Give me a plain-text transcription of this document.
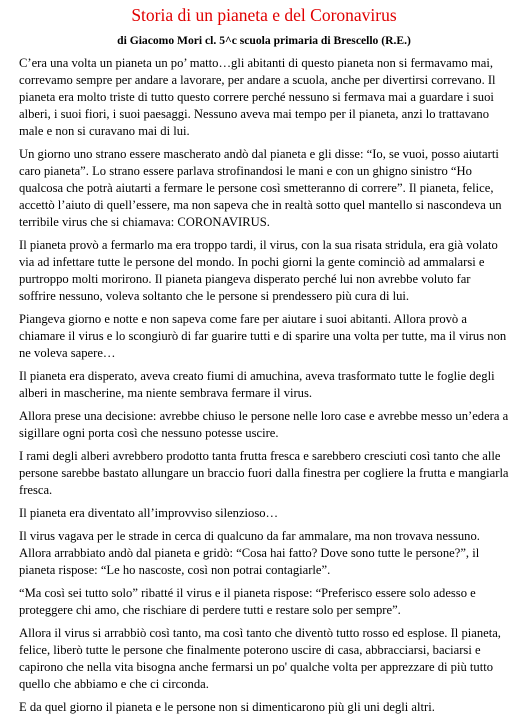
Storia di un pianeta e del Coronavirus
di Giacomo Mori cl. 5^c scuola primaria di Brescello (R.E.)

C’era una volta un pianeta un po’ matto…gli abitanti di questo pianeta non si fermavamo mai, correvamo sempre per andare a lavorare, per andare a scuola, anche per divertirsi correvano. Il pianeta era molto triste di tutto questo correre perché nessuno si fermava mai a guardare i suoi alberi, i suoi fiori, i suoi paesaggi. Nessuno aveva mai tempo per il pianeta, anzi lo trattavano male e non si curavano mai di lui.

Un giorno uno strano essere mascherato andò dal pianeta e gli disse: “Io, se vuoi, posso aiutarti caro pianeta”. Lo strano essere parlava strofinandosi le mani e con un ghigno sinistro “Ho qualcosa che potrà aiutarti a fermare le persone così smetteranno di correre”. Il pianeta, felice, accettò l’aiuto di quell’essere, ma non sapeva che in realtà sotto quel mantello si nascondeva un terribile virus che si chiamava: CORONAVIRUS.

Il pianeta provò a fermarlo ma era troppo tardi, il virus, con la sua risata stridula, era già volato via ad infettare tutte le persone del mondo. In pochi giorni la gente cominciò ad ammalarsi e purtroppo molti morirono. Il pianeta piangeva disperato perché lui non avrebbe voluto far soffrire nessuno, voleva soltanto che le persone si prendessero più cura di lui.

Piangeva giorno e notte e non sapeva come fare per aiutare i suoi abitanti. Allora provò a chiamare il virus e lo scongiurò di far guarire tutti e di sparire una volta per tutte, ma il virus non ne voleva sapere…

Il pianeta era disperato, aveva creato fiumi di amuchina, aveva trasformato tutte le foglie degli alberi in mascherine, ma niente sembrava fermare il virus.

Allora prese una decisione: avrebbe chiuso le persone nelle loro case e avrebbe messo un’edera a sigillare ogni porta così che nessuno potesse uscire.

I rami degli alberi avrebbero prodotto tanta frutta fresca e sarebbero cresciuti così tanto che alle persone sarebbe bastato allungare un braccio fuori dalla finestra per cogliere la frutta e mangiarla fresca.

Il pianeta era diventato all’improvviso silenzioso…

Il virus vagava per le strade in cerca di qualcuno da far ammalare, ma non trovava nessuno. Allora arrabbiato andò dal pianeta e gridò: “Cosa hai fatto? Dove sono tutte le persone?”, il pianeta rispose: “Le ho nascoste, così non potrai contagiarle”.

“Ma così sei tutto solo” ribatté il virus e il pianeta rispose: “Preferisco essere solo adesso e proteggere chi amo, che rischiare di perdere tutti e restare solo per sempre”.

Allora il virus si arrabbiò così tanto, ma così tanto che diventò tutto rosso ed esplose. Il pianeta, felice, liberò tutte le persone che finalmente poterono uscire di casa, abbracciarsi, baciarsi e capirono che nella vita bisogna anche fermarsi un po' qualche volta per apprezzare di più tutto quello che abbiamo e che ci circonda.

E da quel giorno il pianeta e le persone non si dimenticarono più gli uni degli altri.
